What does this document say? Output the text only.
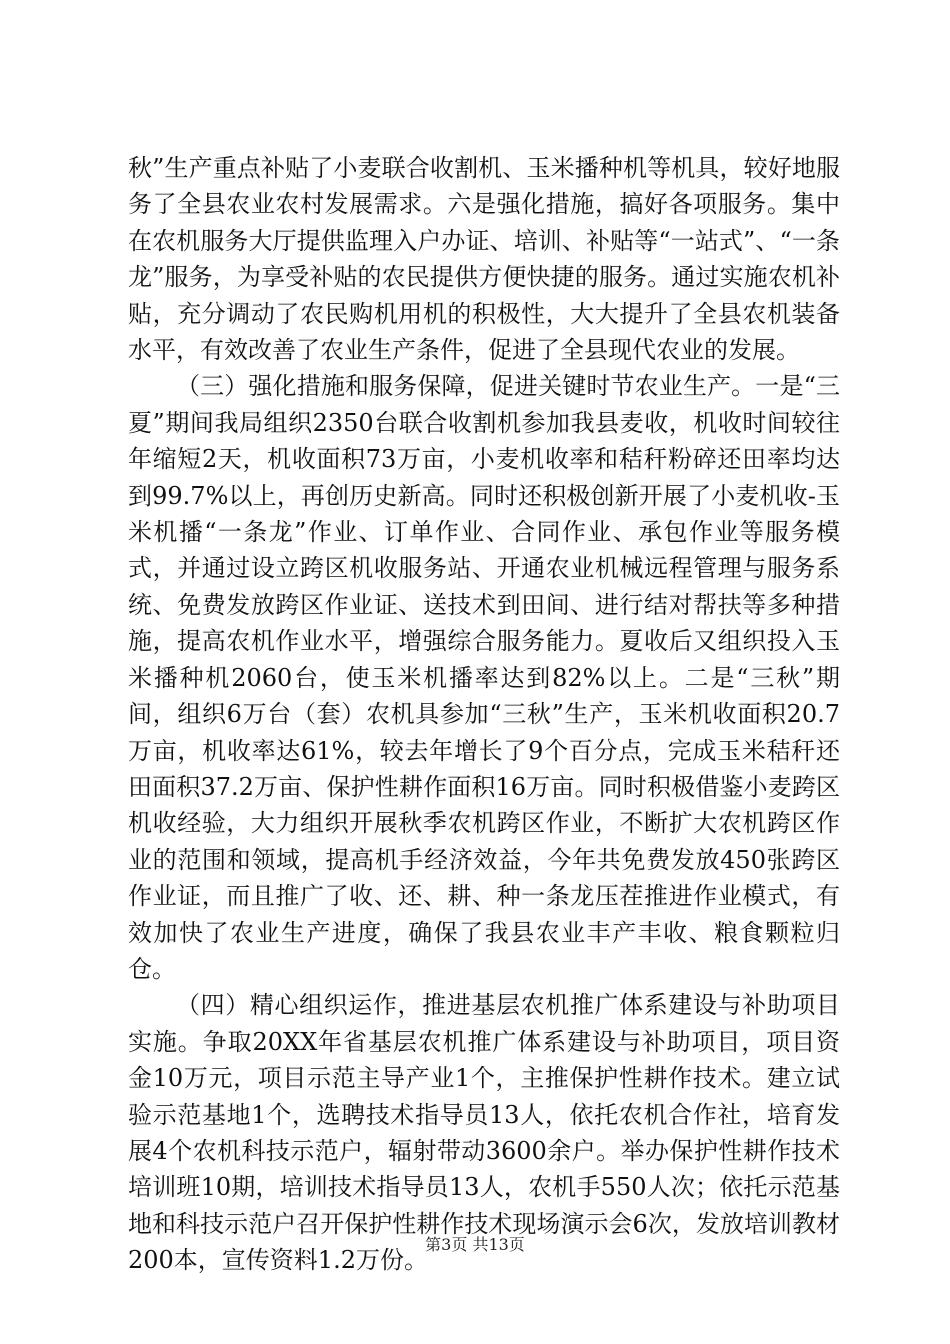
秋”生产重点补贴了小麦联合收割机、玉米播种机等机具，较好地服务了全县农业农村发展需求。六是强化措施，搞好各项服务。集中在农机服务大厅提供监理入户办证、培训、补贴等“一站式”、“一条龙”服务，为享受补贴的农民提供方便快捷的服务。通过实施农机补贴，充分调动了农民购机用机的积极性，大大提升了全县农机装备水平，有效改善了农业生产条件，促进了全县现代农业的发展。

（三）强化措施和服务保障，促进关键时节农业生产。一是“三夏”期间我局组织2350台联合收割机参加我县麦收，机收时间较往年缩短2天，机收面积73万亩，小麦机收率和秸秆粉碎还田率均达到99.7%以上，再创历史新高。同时还积极创新开展了小麦机收-玉米机播“一条龙”作业、订单作业、合同作业、承包作业等服务模式，并通过设立跨区机收服务站、开通农业机械远程管理与服务系统、免费发放跨区作业证、送技术到田间、进行结对帮扶等多种措施，提高农机作业水平，增强综合服务能力。夏收后又组织投入玉米播种机2060台，使玉米机播率达到82%以上。二是“三秋”期间，组织6万台（套）农机具参加“三秋”生产，玉米机收面积20.7万亩，机收率达61%，较去年增长了9个百分点，完成玉米秸秆还田面积37.2万亩、保护性耕作面积16万亩。同时积极借鉴小麦跨区机收经验，大力组织开展秋季农机跨区作业，不断扩大农机跨区作业的范围和领域，提高机手经济效益，今年共免费发放450张跨区作业证，而且推广了收、还、耕、种一条龙压茬推进作业模式，有效加快了农业生产进度，确保了我县农业丰产丰收、粮食颗粒归仓。

（四）精心组织运作，推进基层农机推广体系建设与补助项目实施。争取20XX年省基层农机推广体系建设与补助项目，项目资金10万元，项目示范主导产业1个，主推保护性耕作技术。建立试验示范基地1个，选聘技术指导员13人，依托农机合作社，培育发展4个农机科技示范户，辐射带动3600余户。举办保护性耕作技术培训班10期，培训技术指导员13人，农机手550人次；依托示范基地和科技示范户召开保护性耕作技术现场演示会6次，发放培训教材200本，宣传资料1.2万份。

第3页 共13页
